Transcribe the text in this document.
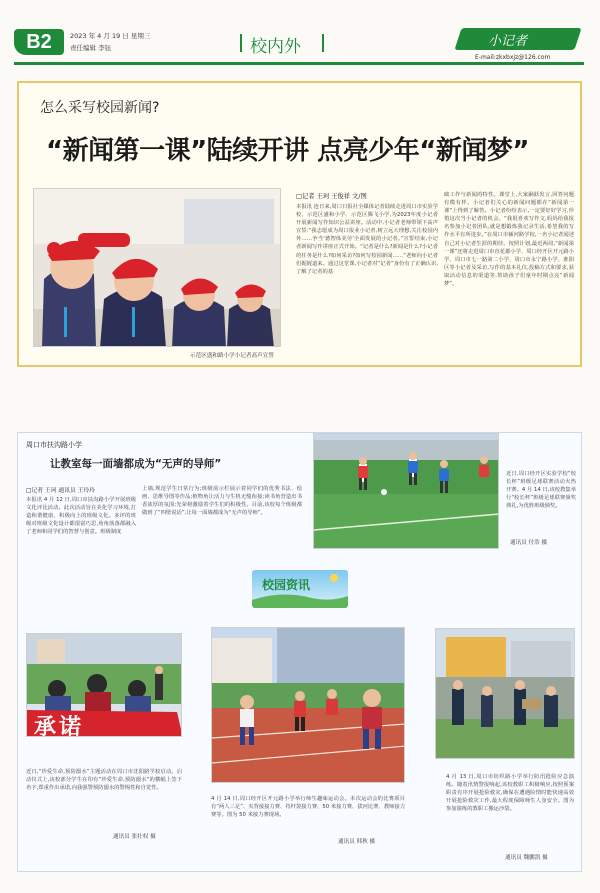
B2	2023 年 4 月 19 日 星期三
责任编辑 李钰	校内外	小记者
E-mail:zkxbxjz@126.com
怎么采写校园新闻?
“新闻第一课”陆续开讲 点亮少年“新闻梦”
示范区盛和路小学小记者高声宣誓
□记者 王珂 王俊祥 文/图
本报讯 连日来,周口日报社全媒体记者陆续走进周口市实验学校、示范区盛和小学、示范区腾飞小学,为2023年度小记者开展新闻写作知识公益讲座。活动中,小记者老师带领下高声宣誓:“我志愿成为周口报业小记者,树立远大理想,关注校园内外……争当‘德智体美劳’全面发展的小记者。”宣誓结束,小记者新闻写作讲座正式开始。“记者是什么?新闻是什么?小记者的任务是什么?如何采访?如何写校园新闻……”老师向小记者们娓娓道来。通过这堂课,小记者对“记者”身份有了正确认识,了解了记者的基
础工作与新闻的特性。课堂上,大家踊跃发言,回答问题有模有样。小记者们关心的新闻问题都在“新闻第一课”上得到了解答。小记者纷纷表示,一定要好好学习,珍惜这次当小记者的机会。“我很喜欢写作文,妈妈给我报名参加小记者团队,就是想锻炼我记录生活,希望我的写作水平有所进步。”在周口市颍河路学校,一名小记者闻述自己对小记者生涯的期待。按照计划,最近两周,“新闻第一课”还将走进周口市直花都小学、周口经开区开元路小学、周口市七一路第二小学、周口市永宁路小学、淮阳区等小记者及采访,写作的基本礼仪,投稿方式和要求,获取活动信息的渠道等,帮助孩子们童年时期点亮“新闻梦”。
周口市扶沟路小学
让教室每一面墙都成为“无声的导师”
□记者 王珂 通讯员 王玲玲
本报讯 4 月 12 日,周口市扶沟路小学开展班级文化评比活动。此次活动旨在美化学习环境,打造和谐健康、积极向上的班级文化。多评的班级对班级文化设计都很富巧思,角角落落都融入了老师和同学们的智慧与创意。班级制度
上墙,规范学生日常行为;班级展示栏展示着同学们的优秀书法、绘画、思维导图等作品;植物角让活力与生机无缝衔接;读书角营造出书香浓厚的氛围;光荣榜激励着学生们的积极性。目前,该校每个班级都做到了“四壁说话”,让每一面墙都成为“无声的导师”。
近日,周口经开区实验学校“校长杯”班级足球联赛活动火热开赛。4 月 14 日,该校教集举行“校长杯”班级足球联赛颁奖典礼,为优胜班级颁奖。
通讯员 付浩 摄
校园资讯
承诺
近日,“珍爱生命,预防溺水”主题活动在周口市沈阳路学校启动。启动仪式上,该校部分学生在印有“珍爱生命,预防溺水”的横幅上签下名字,郑重作出承诺,向我强警预防溺水的警惕性和自觉性。
通讯员 张壮权 摄
4 月 14 日,周口经开区开元路小学举行师生趣味运动会。本次运动会的比赛项目有“两人三足”、夹背接接力赛、持杆袋接力赛、50 米接力赛、拔河比赛、教师接力赛等。图为 50 米接力赛现场。
通讯员 韩秋 摄
4 月 13 日,周口市纺织路小学举行防汛抢险应急演练。随着汛情警报响起,该校教职工积极响应,按照预案职责有序开展抢险救灾,确保在遭遇险情时能快速高效开展抢险救灾工作,最大程度保障师生人身安全。图为参加演练的教职工搬运沙袋。
通讯员 魏鹏凯 摄
